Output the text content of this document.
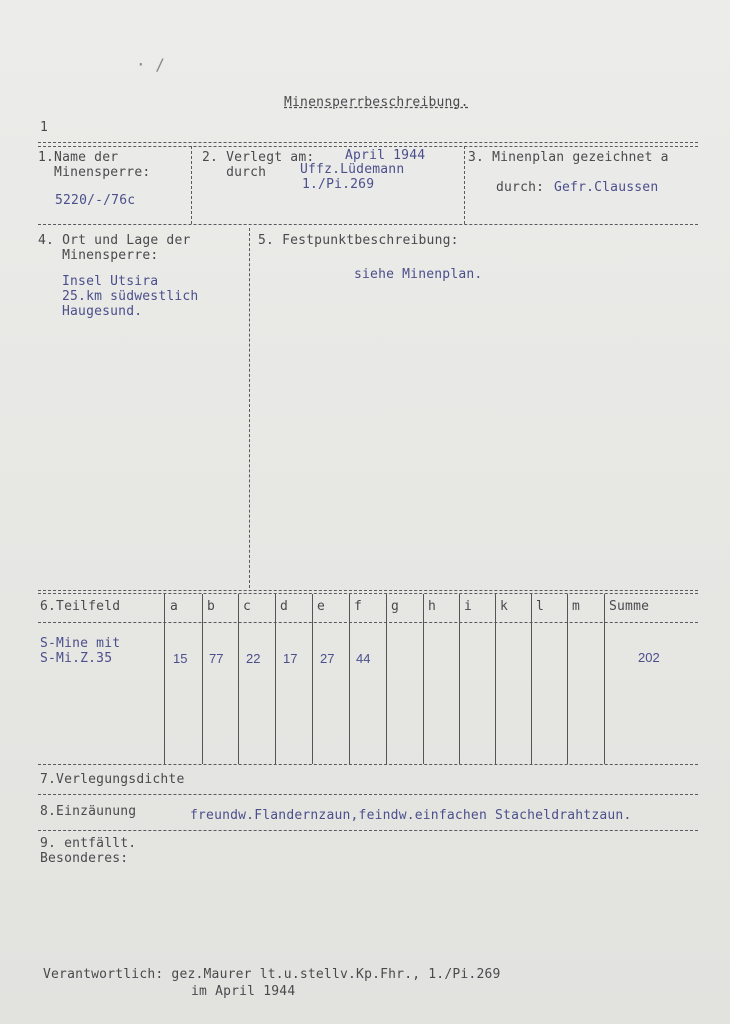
· /
Minensperrbeschreibung.
1
1.Name der
Minensperre:
5220/-/76c
2. Verlegt am:
durch
April 1944
Uffz.Lüdemann
1./Pi.269
3. Minenplan gezeichnet a
durch: Gefr.Claussen
4. Ort und Lage der
Minensperre:
Insel Utsira
25.km südwestlich
Haugesund.
5. Festpunktbeschreibung:
siehe Minenplan.
6.Teilfeld	a b c d e f g h i k l m Summe
S-Mine mit
S-Mi.Z.35	15 77 22 17 27 44	202
7.Verlegungsdichte
8.Einzäunung	freundw.Flandernzaun,feindw.einfachen Stacheldrahtzaun.
9. entfällt.
Besonderes:
Verantwortlich: gez.Maurer lt.u.stellv.Kp.Fhr., 1./Pi.269
im April 1944
